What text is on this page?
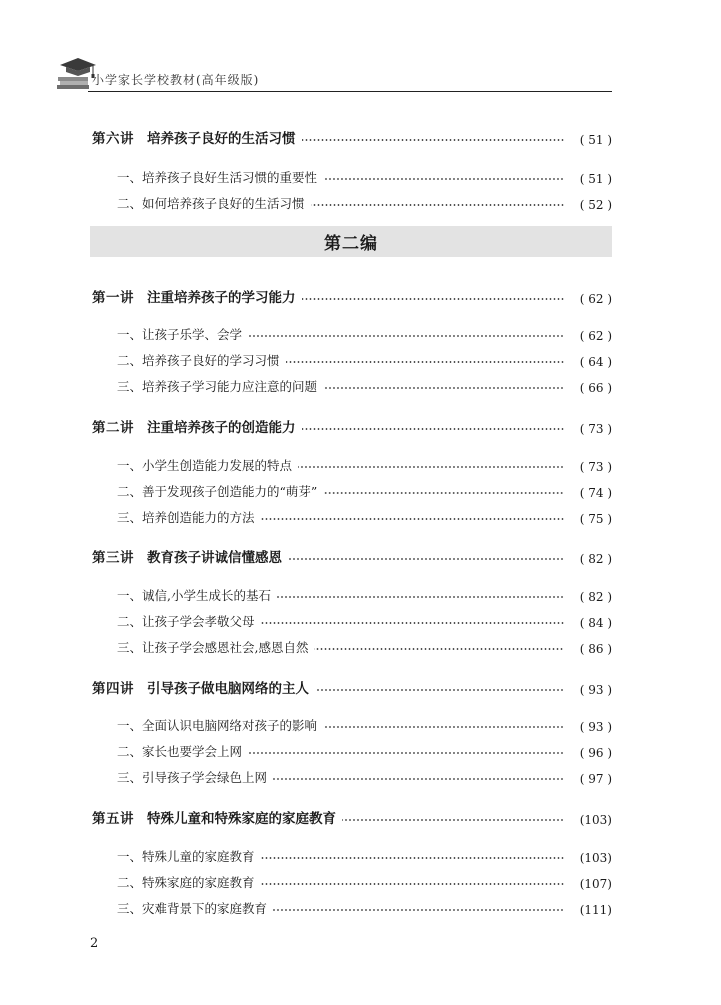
小学家长学校教材(高年级版)
第六讲 培养孩子良好的生活习惯	( 51 )
一、培养孩子良好生活习惯的重要性	( 51 )
二、如何培养孩子良好的生活习惯	( 52 )
第二编
第一讲 注重培养孩子的学习能力	( 62 )
一、让孩子乐学、会学	( 62 )
二、培养孩子良好的学习习惯	( 64 )
三、培养孩子学习能力应注意的问题	( 66 )
第二讲 注重培养孩子的创造能力	( 73 )
一、小学生创造能力发展的特点	( 73 )
二、善于发现孩子创造能力的“萌芽”	( 74 )
三、培养创造能力的方法	( 75 )
第三讲 教育孩子讲诚信懂感恩	( 82 )
一、诚信,小学生成长的基石	( 82 )
二、让孩子学会孝敬父母	( 84 )
三、让孩子学会感恩社会,感恩自然	( 86 )
第四讲 引导孩子做电脑网络的主人	( 93 )
一、全面认识电脑网络对孩子的影响	( 93 )
二、家长也要学会上网	( 96 )
三、引导孩子学会绿色上网	( 97 )
第五讲 特殊儿童和特殊家庭的家庭教育	(103)
一、特殊儿童的家庭教育	(103)
二、特殊家庭的家庭教育	(107)
三、灾难背景下的家庭教育	(111)
2
